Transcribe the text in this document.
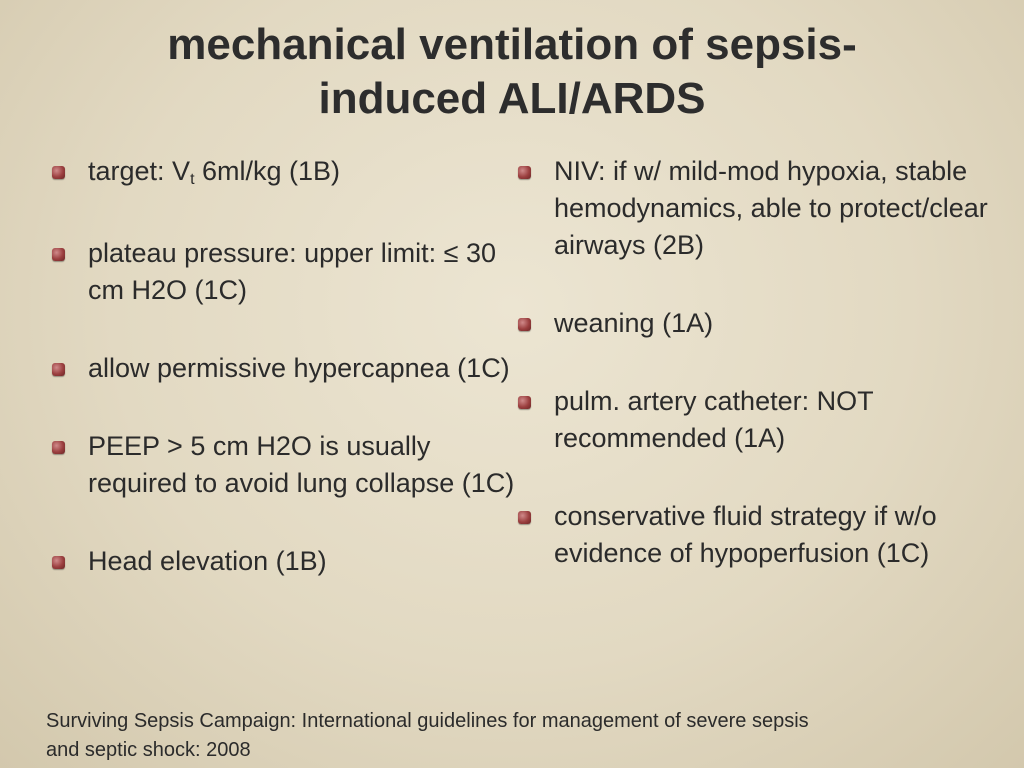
mechanical ventilation of sepsis-
induced ALI/ARDS
target: Vt 6ml/kg (1B)
plateau pressure: upper limit: ≤ 30 cm H2O (1C)
allow permissive hypercapnea (1C)
PEEP > 5 cm H2O is usually required to avoid lung collapse (1C)
Head elevation (1B)
NIV: if w/ mild-mod hypoxia, stable hemodynamics, able to protect/clear airways (2B)
weaning (1A)
pulm. artery catheter: NOT recommended (1A)
conservative fluid strategy if w/o evidence of hypoperfusion (1C)
Surviving Sepsis Campaign: International guidelines for management of severe sepsis
and septic shock: 2008
